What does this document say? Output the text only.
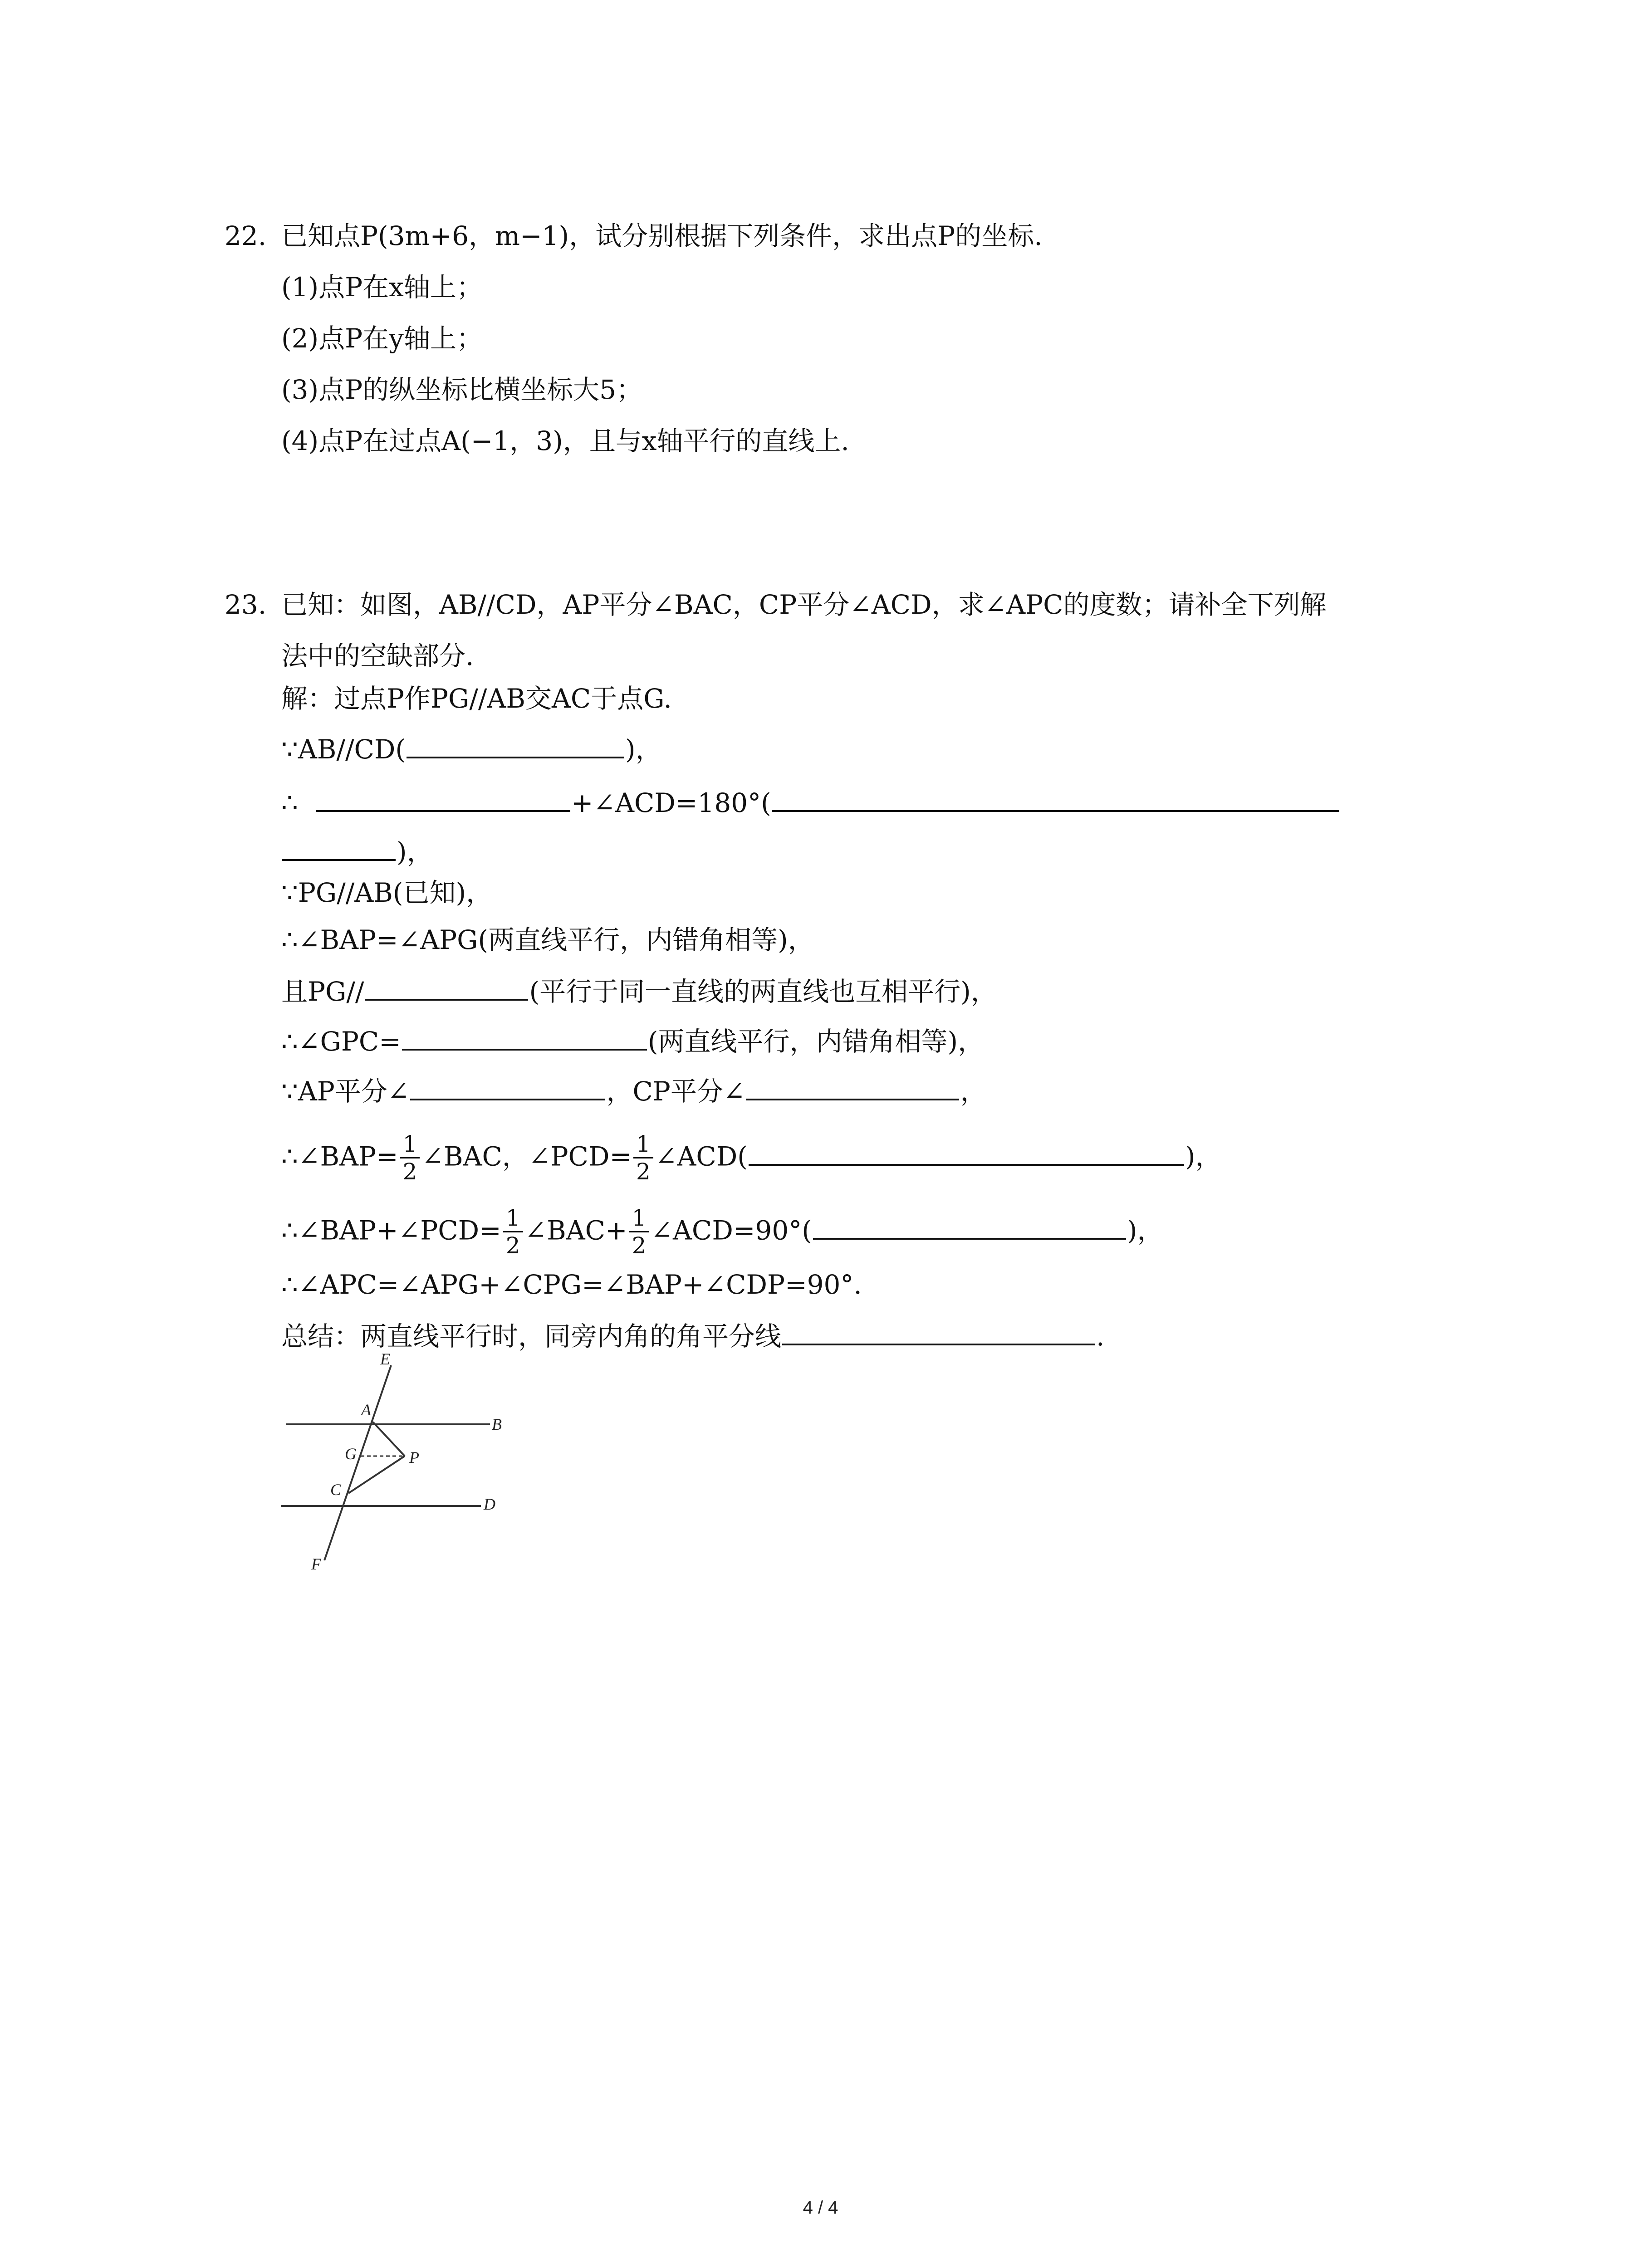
22. 已知点P(3m+6，m−1)，试分别根据下列条件，求出点P的坐标.
(1)点P在x轴上；
(2)点P在y轴上；
(3)点P的纵坐标比横坐标大5；
(4)点P在过点A(−1，3)，且与x轴平行的直线上.
23. 已知：如图，AB//CD，AP平分∠BAC，CP平分∠ACD，求∠APC的度数；请补全下列解
法中的空缺部分.
解：过点P作PG//AB交AC于点G.
∵AB//CD(	)，
∴	+∠ACD=180°(
)，
∵PG//AB(已知)，
∴∠BAP=∠APG(两直线平行，内错角相等)，
且PG//	(平行于同一直线的两直线也互相平行)，
∴∠GPC=	(两直线平行，内错角相等)，
∵AP平分∠	，CP平分∠	，
∴∠BAP= $\frac{1}{2}$ ∠BAC，∠PCD= $\frac{1}{2}$ ∠ACD(	)，
∴∠BAP+∠PCD= $\frac{1}{2}$ ∠BAC+ $\frac{1}{2}$ ∠ACD=90°(	)，
∴∠APC=∠APG+∠CPG=∠BAP+∠CDP=90°.
总结：两直线平行时，同旁内角的角平分线	.
E
A
B
G	P
C
D
F
4 / 4
